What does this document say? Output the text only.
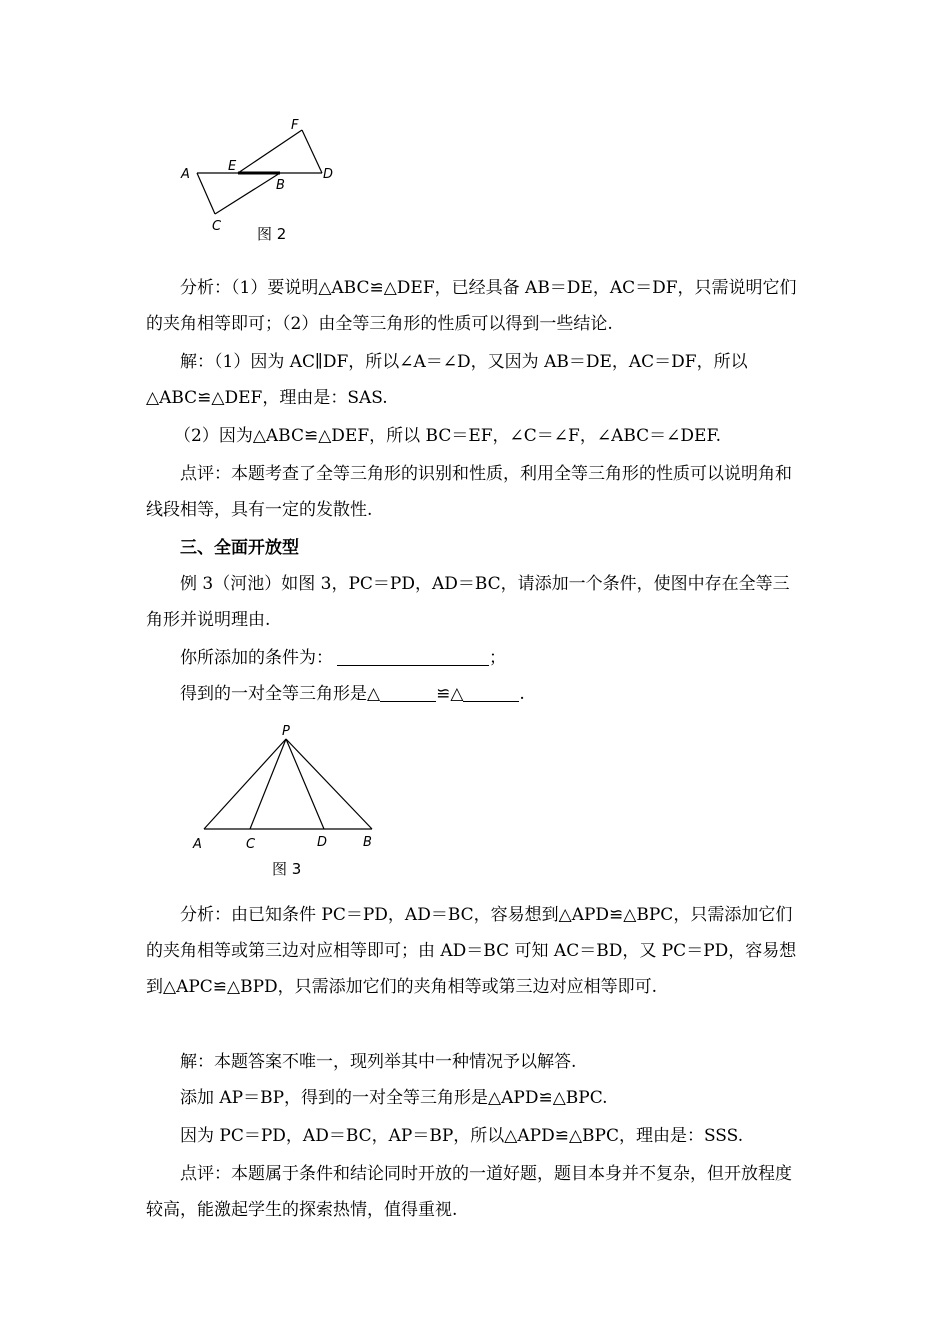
A
E
B
D
F
C 图 2

分析：（1）要说明△ABC≌△DEF，已经具备 AB＝DE，AC＝DF，只需说明它们的夹角相等即可；（2）由全等三角形的性质可以得到一些结论.

解：（1）因为 AC∥DF，所以∠A＝∠D，又因为 AB＝DE，AC＝DF，所以△ABC≌△DEF，理由是：SAS.

（2）因为△ABC≌△DEF，所以 BC＝EF，∠C＝∠F，∠ABC＝∠DEF.

点评：本题考查了全等三角形的识别和性质，利用全等三角形的性质可以说明角和线段相等，具有一定的发散性.

三、全面开放型

例 3（河池）如图 3，PC＝PD，AD＝BC，请添加一个条件，使图中存在全等三角形并说明理由.

你所添加的条件为：	；

得到的一对全等三角形是△	≌△	.

P
A	C	D	B
图 3

分析：由已知条件 PC＝PD，AD＝BC，容易想到△APD≌△BPC，只需添加它们的夹角相等或第三边对应相等即可；由 AD＝BC 可知 AC＝BD，又 PC＝PD，容易想到△APC≌△BPD，只需添加它们的夹角相等或第三边对应相等即可.

解：本题答案不唯一，现列举其中一种情况予以解答.

添加 AP＝BP，得到的一对全等三角形是△APD≌△BPC.

因为 PC＝PD，AD＝BC，AP＝BP，所以△APD≌△BPC，理由是：SSS.

点评：本题属于条件和结论同时开放的一道好题，题目本身并不复杂，但开放程度较高，能激起学生的探索热情，值得重视.
